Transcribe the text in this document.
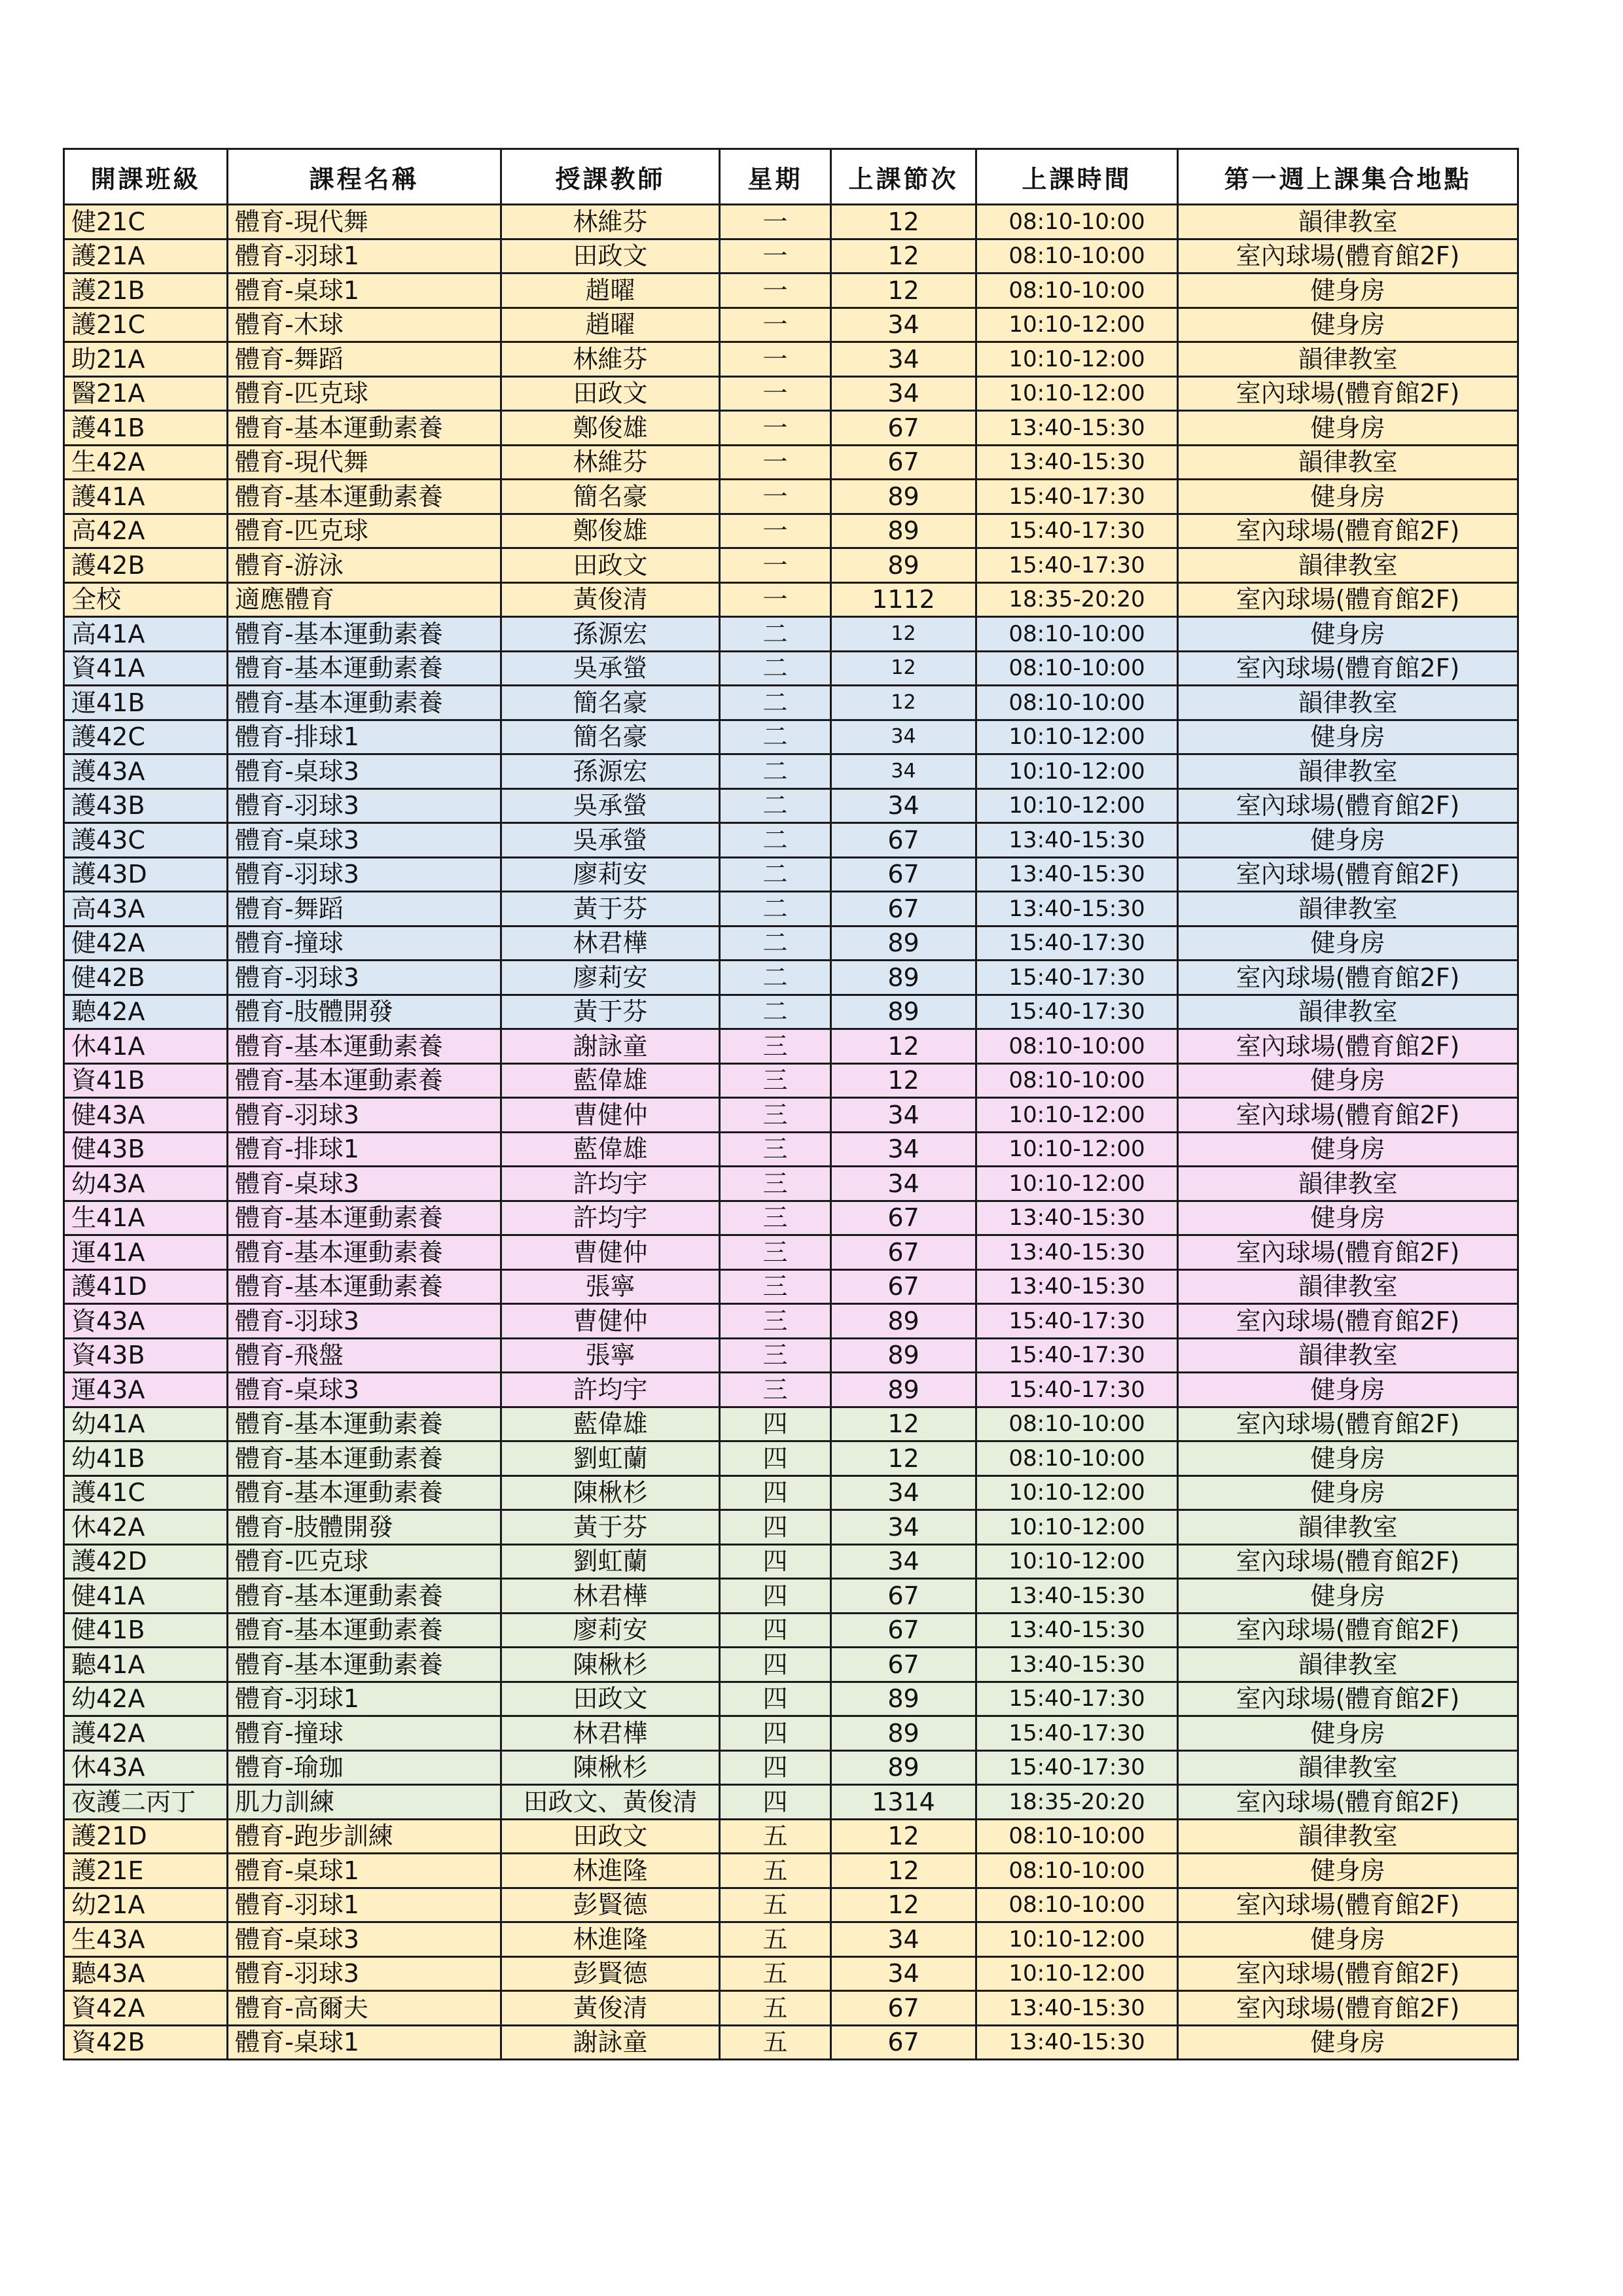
開課班級	課程名稱	授課教師	星期	上課節次	上課時間	第一週上課集合地點
健21C	體育-現代舞	林維芬	一	12	08:10-10:00	韻律教室
護21A	體育-羽球1	田政文	一	12	08:10-10:00	室內球場(體育館2F)
護21B	體育-桌球1	趙曜	一	12	08:10-10:00	健身房
護21C	體育-木球	趙曜	一	34	10:10-12:00	健身房
助21A	體育-舞蹈	林維芬	一	34	10:10-12:00	韻律教室
醫21A	體育-匹克球	田政文	一	34	10:10-12:00	室內球場(體育館2F)
護41B	體育-基本運動素養	鄭俊雄	一	67	13:40-15:30	健身房
生42A	體育-現代舞	林維芬	一	67	13:40-15:30	韻律教室
護41A	體育-基本運動素養	簡名豪	一	89	15:40-17:30	健身房
高42A	體育-匹克球	鄭俊雄	一	89	15:40-17:30	室內球場(體育館2F)
護42B	體育-游泳	田政文	一	89	15:40-17:30	韻律教室
全校	適應體育	黃俊清	一	1112	18:35-20:20	室內球場(體育館2F)
高41A	體育-基本運動素養	孫源宏	二	12	08:10-10:00	健身房
資41A	體育-基本運動素養	吳承螢	二	12	08:10-10:00	室內球場(體育館2F)
運41B	體育-基本運動素養	簡名豪	二	12	08:10-10:00	韻律教室
護42C	體育-排球1	簡名豪	二	34	10:10-12:00	健身房
護43A	體育-桌球3	孫源宏	二	34	10:10-12:00	韻律教室
護43B	體育-羽球3	吳承螢	二	34	10:10-12:00	室內球場(體育館2F)
護43C	體育-桌球3	吳承螢	二	67	13:40-15:30	健身房
護43D	體育-羽球3	廖莉安	二	67	13:40-15:30	室內球場(體育館2F)
高43A	體育-舞蹈	黃于芬	二	67	13:40-15:30	韻律教室
健42A	體育-撞球	林君樺	二	89	15:40-17:30	健身房
健42B	體育-羽球3	廖莉安	二	89	15:40-17:30	室內球場(體育館2F)
聽42A	體育-肢體開發	黃于芬	二	89	15:40-17:30	韻律教室
休41A	體育-基本運動素養	謝詠童	三	12	08:10-10:00	室內球場(體育館2F)
資41B	體育-基本運動素養	藍偉雄	三	12	08:10-10:00	健身房
健43A	體育-羽球3	曹健仲	三	34	10:10-12:00	室內球場(體育館2F)
健43B	體育-排球1	藍偉雄	三	34	10:10-12:00	健身房
幼43A	體育-桌球3	許均宇	三	34	10:10-12:00	韻律教室
生41A	體育-基本運動素養	許均宇	三	67	13:40-15:30	健身房
運41A	體育-基本運動素養	曹健仲	三	67	13:40-15:30	室內球場(體育館2F)
護41D	體育-基本運動素養	張寧	三	67	13:40-15:30	韻律教室
資43A	體育-羽球3	曹健仲	三	89	15:40-17:30	室內球場(體育館2F)
資43B	體育-飛盤	張寧	三	89	15:40-17:30	韻律教室
運43A	體育-桌球3	許均宇	三	89	15:40-17:30	健身房
幼41A	體育-基本運動素養	藍偉雄	四	12	08:10-10:00	室內球場(體育館2F)
幼41B	體育-基本運動素養	劉虹蘭	四	12	08:10-10:00	健身房
護41C	體育-基本運動素養	陳楸杉	四	34	10:10-12:00	健身房
休42A	體育-肢體開發	黃于芬	四	34	10:10-12:00	韻律教室
護42D	體育-匹克球	劉虹蘭	四	34	10:10-12:00	室內球場(體育館2F)
健41A	體育-基本運動素養	林君樺	四	67	13:40-15:30	健身房
健41B	體育-基本運動素養	廖莉安	四	67	13:40-15:30	室內球場(體育館2F)
聽41A	體育-基本運動素養	陳楸杉	四	67	13:40-15:30	韻律教室
幼42A	體育-羽球1	田政文	四	89	15:40-17:30	室內球場(體育館2F)
護42A	體育-撞球	林君樺	四	89	15:40-17:30	健身房
休43A	體育-瑜珈	陳楸杉	四	89	15:40-17:30	韻律教室
夜護二丙丁	肌力訓練	田政文、黃俊清	四	1314	18:35-20:20	室內球場(體育館2F)
護21D	體育-跑步訓練	田政文	五	12	08:10-10:00	韻律教室
護21E	體育-桌球1	林進隆	五	12	08:10-10:00	健身房
幼21A	體育-羽球1	彭賢德	五	12	08:10-10:00	室內球場(體育館2F)
生43A	體育-桌球3	林進隆	五	34	10:10-12:00	健身房
聽43A	體育-羽球3	彭賢德	五	34	10:10-12:00	室內球場(體育館2F)
資42A	體育-高爾夫	黃俊清	五	67	13:40-15:30	室內球場(體育館2F)
資42B	體育-桌球1	謝詠童	五	67	13:40-15:30	健身房
